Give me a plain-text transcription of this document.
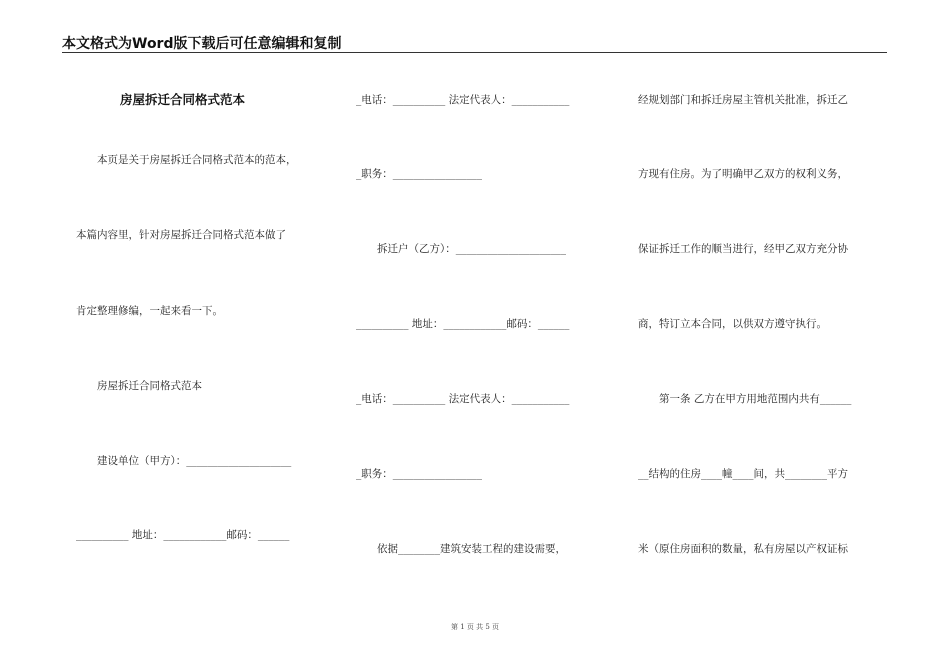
本文格式为Word版下载后可任意编辑和复制
房屋拆迁合同格式范本
　　本页是关于房屋拆迁合同格式范本的范本，
本篇内容里，针对房屋拆迁合同格式范本做了
肯定整理修编，一起来看一下。
　　房屋拆迁合同格式范本
　　建设单位（甲方）：____________________
__________ 地址：____________邮码：______
_电话：__________ 法定代表人：___________
_职务：_________________
　　拆迁户（乙方）：_____________________
__________ 地址：____________邮码：______
_电话：__________ 法定代表人：___________
_职务：_________________
　　依据________建筑安装工程的建设需要，
经规划部门和拆迁房屋主管机关批准，拆迁乙
方现有住房。为了明确甲乙双方的权利义务，
保证拆迁工作的顺当进行，经甲乙双方充分协
商，特订立本合同，以供双方遵守执行。
　　第一条 乙方在甲方用地范围内共有______
__结构的住房____幢____间，共________平方
米（原住房面积的数量，私有房屋以产权证标
第 1 页 共 5 页
